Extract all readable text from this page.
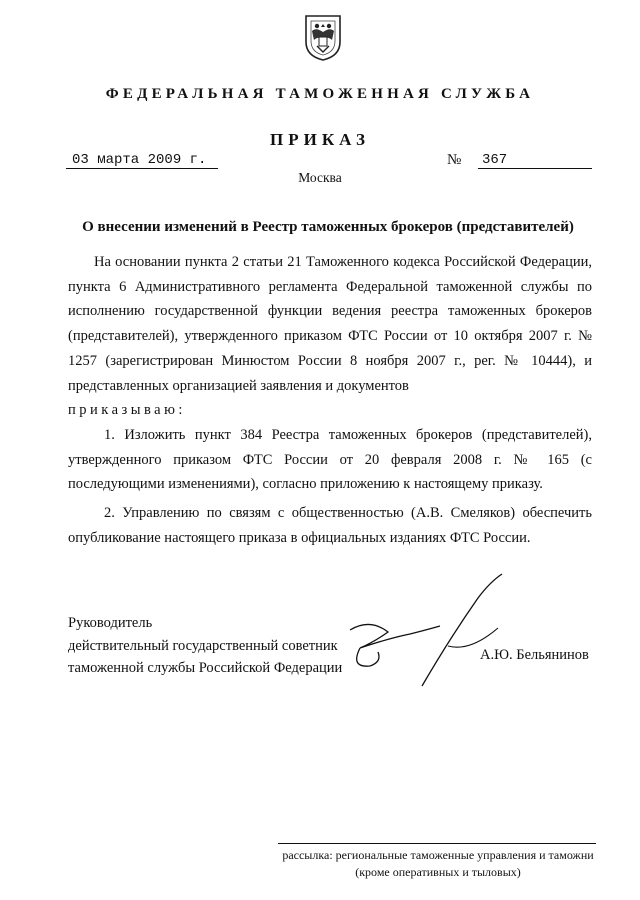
ФЕДЕРАЛЬНАЯ ТАМОЖЕННАЯ СЛУЖБА
ПРИКАЗ
03 марта 2009 г.	№ 367
Москва
О внесении изменений в Реестр таможенных брокеров (представителей)

На основании пункта 2 статьи 21 Таможенного кодекса Российской Федерации, пункта 6 Административного регламента Федеральной таможенной службы по исполнению государственной функции ведения реестра таможенных брокеров (представителей), утвержденного приказом ФТС России от 10 октября 2007 г. № 1257 (зарегистрирован Минюстом России 8 ноября 2007 г., рег. № 10444), и представленных организацией заявления и документов

приказываю:

1. Изложить пункт 384 Реестра таможенных брокеров (представителей), утвержденного приказом ФТС России от 20 февраля 2008 г. № 165 (с последующими изменениями), согласно приложению к настоящему приказу.

2. Управлению по связям с общественностью (А.В. Смеляков) обеспечить опубликование настоящего приказа в официальных изданиях ФТС России.

Руководитель
действительный государственный советник
таможенной службы Российской Федерации
А.Ю. Бельянинов
рассылка: региональные таможенные управления и таможни
(кроме оперативных и тыловых)
